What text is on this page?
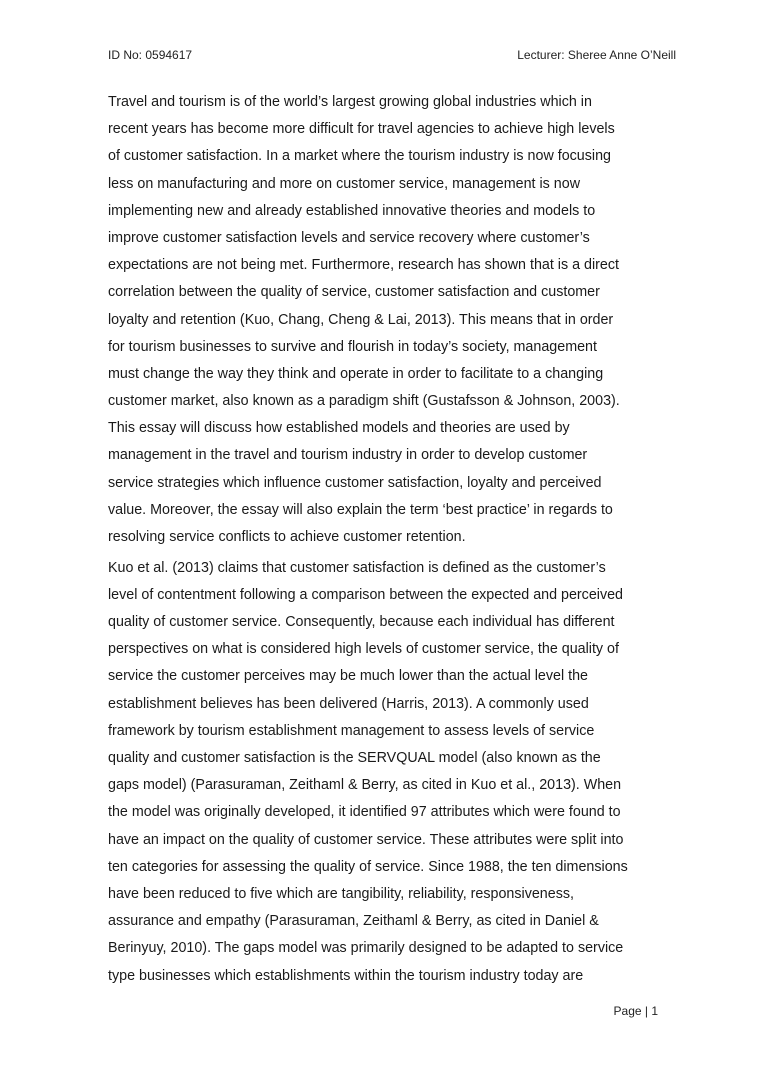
ID No: 0594617	Lecturer: Sheree Anne O’Neill
Travel and tourism is of the world’s largest growing global industries which in
recent years has become more difficult for travel agencies to achieve high levels
of customer satisfaction. In a market where the tourism industry is now focusing
less on manufacturing and more on customer service, management is now
implementing new and already established innovative theories and models to
improve customer satisfaction levels and service recovery where customer’s
expectations are not being met. Furthermore, research has shown that is a direct
correlation between the quality of service, customer satisfaction and customer
loyalty and retention (Kuo, Chang, Cheng & Lai, 2013). This means that in order
for tourism businesses to survive and flourish in today’s society, management
must change the way they think and operate in order to facilitate to a changing
customer market, also known as a paradigm shift (Gustafsson & Johnson, 2003).
This essay will discuss how established models and theories are used by
management in the travel and tourism industry in order to develop customer
service strategies which influence customer satisfaction, loyalty and perceived
value. Moreover, the essay will also explain the term ‘best practice’ in regards to
resolving service conflicts to achieve customer retention.
Kuo et al. (2013) claims that customer satisfaction is defined as the customer’s
level of contentment following a comparison between the expected and perceived
quality of customer service. Consequently, because each individual has different
perspectives on what is considered high levels of customer service, the quality of
service the customer perceives may be much lower than the actual level the
establishment believes has been delivered (Harris, 2013). A commonly used
framework by tourism establishment management to assess levels of service
quality and customer satisfaction is the SERVQUAL model (also known as the
gaps model) (Parasuraman, Zeithaml & Berry, as cited in Kuo et al., 2013). When
the model was originally developed, it identified 97 attributes which were found to
have an impact on the quality of customer service. These attributes were split into
ten categories for assessing the quality of service. Since 1988, the ten dimensions
have been reduced to five which are tangibility, reliability, responsiveness,
assurance and empathy (Parasuraman, Zeithaml & Berry, as cited in Daniel &
Berinyuy, 2010). The gaps model was primarily designed to be adapted to service
type businesses which establishments within the tourism industry today are
Page | 1
